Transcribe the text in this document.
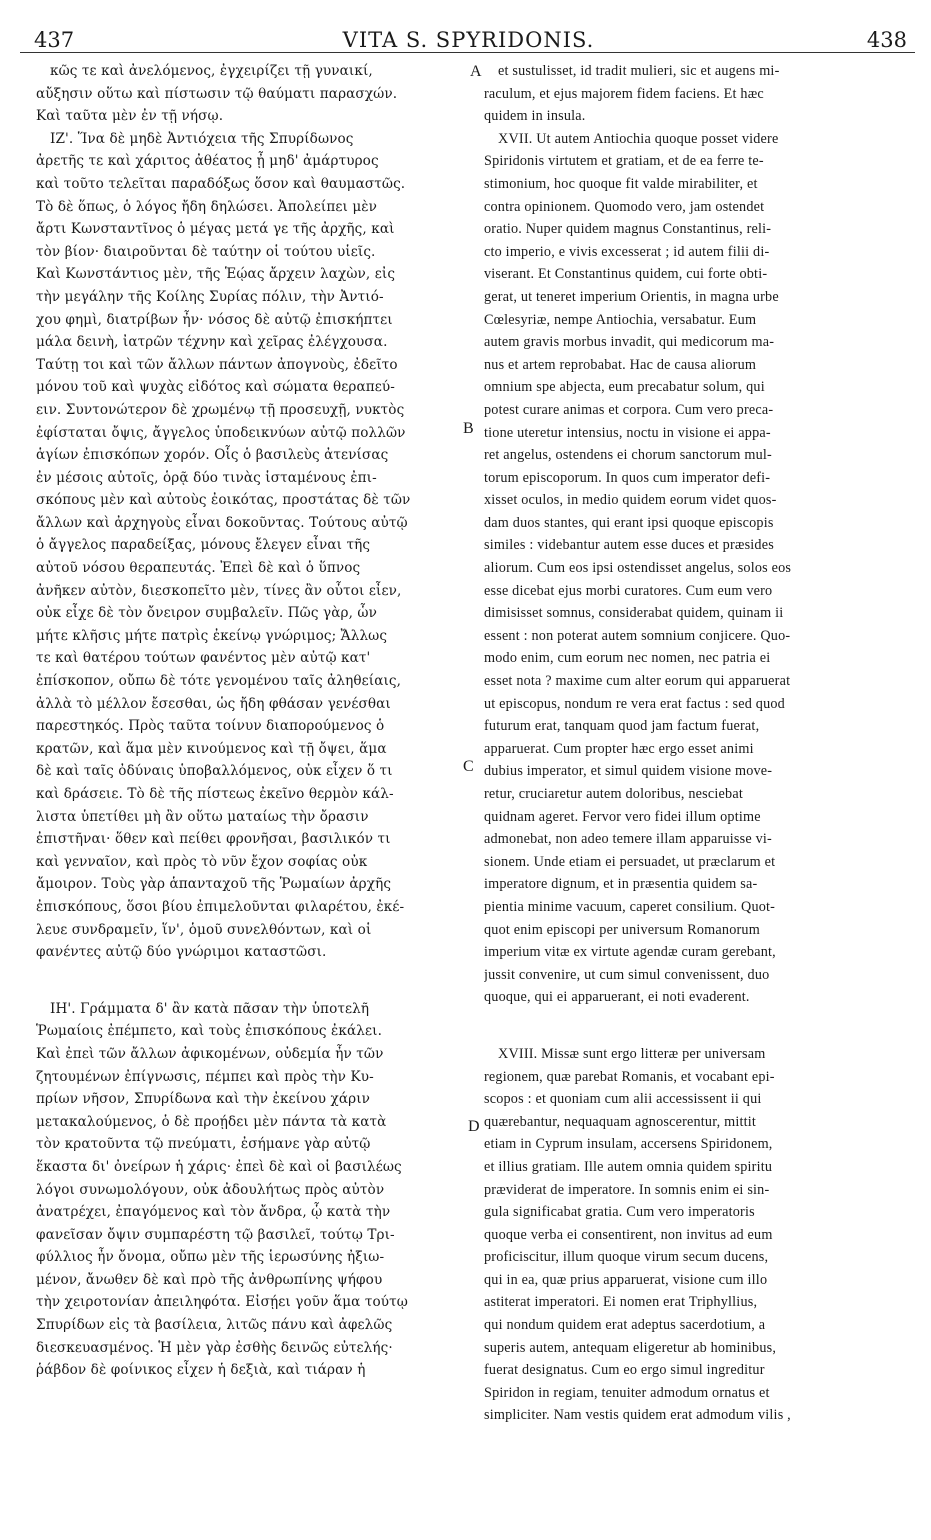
437	VITA S. SPYRIDONIS.	438
A
B
C
D
κῶς τε καὶ ἀνελόμενος, ἐγχειρίζει τῇ γυναικί,
αὔξησιν οὕτω καὶ πίστωσιν τῷ θαύματι παρασχών.
Καὶ ταῦτα μὲν ἐν τῇ νήσῳ.
ΙΖ'. Ἵνα δὲ μηδὲ Ἀντιόχεια τῆς Σπυρίδωνος
ἀρετῆς τε καὶ χάριτος ἀθέατος ᾖ μηδ' ἀμάρτυρος
καὶ τοῦτο τελεῖται παραδόξως ὅσον καὶ θαυμαστῶς.
Τὸ δὲ ὅπως, ὁ λόγος ἤδη δηλώσει. Ἀπολείπει μὲν
ἄρτι Κωνσταντῖνος ὁ μέγας μετά γε τῆς ἀρχῆς, καὶ
τὸν βίον· διαιροῦνται δὲ ταύτην οἱ τούτου υἱεῖς.
Καὶ Κωνστάντιος μὲν, τῆς Ἑῴας ἄρχειν λαχὼν, εἰς
τὴν μεγάλην τῆς Κοίλης Συρίας πόλιν, τὴν Ἀντιό-
χου φημὶ, διατρίβων ἦν· νόσος δὲ αὐτῷ ἐπισκήπτει
μάλα δεινὴ, ἰατρῶν τέχνην καὶ χεῖρας ἐλέγχουσα.
Ταύτῃ τοι καὶ τῶν ἄλλων πάντων ἀπογνοὺς, ἐδεῖτο
μόνου τοῦ καὶ ψυχὰς εἰδότος καὶ σώματα θεραπεύ-
ειν. Συντονώτερον δὲ χρωμένῳ τῇ προσευχῇ, νυκτὸς
ἐφίσταται ὄψις, ἄγγελος ὑποδεικνύων αὐτῷ πολλῶν
ἁγίων ἐπισκόπων χορόν. Οἷς ὁ βασιλεὺς ἀτενίσας
ἐν μέσοις αὐτοῖς, ὁρᾷ δύο τινὰς ἱσταμένους ἐπι-
σκόπους μὲν καὶ αὐτοὺς ἐοικότας, προστάτας δὲ τῶν
ἄλλων καὶ ἀρχηγοὺς εἶναι δοκοῦντας. Τούτους αὐτῷ
ὁ ἄγγελος παραδείξας, μόνους ἔλεγεν εἶναι τῆς
αὐτοῦ νόσου θεραπευτάς. Ἐπεὶ δὲ καὶ ὁ ὕπνος
ἀνῆκεν αὐτὸν, διεσκοπεῖτο μὲν, τίνες ἂν οὗτοι εἶεν,
οὐκ εἶχε δὲ τὸν ὄνειρον συμβαλεῖν. Πῶς γὰρ, ὧν
μήτε κλῆσις μήτε πατρὶς ἐκείνῳ γνώριμος; Ἄλλως
τε καὶ θατέρου τούτων φανέντος μὲν αὐτῷ κατ'
ἐπίσκοπον, οὔπω δὲ τότε γενομένου ταῖς ἀληθείαις,
ἀλλὰ τὸ μέλλον ἔσεσθαι, ὡς ἤδη φθάσαν γενέσθαι
παρεστηκός. Πρὸς ταῦτα τοίνυν διαπορούμενος ὁ
κρατῶν, καὶ ἅμα μὲν κινούμενος καὶ τῇ ὄψει, ἅμα
δὲ καὶ ταῖς ὀδύναις ὑποβαλλόμενος, οὐκ εἶχεν ὅ τι
καὶ δράσειε. Τὸ δὲ τῆς πίστεως ἐκεῖνο θερμὸν κάλ-
λιστα ὑπετίθει μὴ ἂν οὕτω ματαίως τὴν ὄρασιν
ἐπιστῆναι· ὅθεν καὶ πείθει φρονῆσαι, βασιλικόν τι
καὶ γενναῖον, καὶ πρὸς τὸ νῦν ἔχον σοφίας οὐκ
ἄμοιρον. Τοὺς γὰρ ἁπανταχοῦ τῆς Ῥωμαίων ἀρχῆς
ἐπισκόπους, ὅσοι βίου ἐπιμελοῦνται φιλαρέτου, ἐκέ-
λευε συνδραμεῖν, ἵν', ὁμοῦ συνελθόντων, καὶ οἱ
φανέντες αὐτῷ δύο γνώριμοι καταστῶσι.
ΙΗ'. Γράμματα δ' ἂν κατὰ πᾶσαν τὴν ὑποτελῆ
Ῥωμαίοις ἐπέμπετο, καὶ τοὺς ἐπισκόπους ἐκάλει.
Καὶ ἐπεὶ τῶν ἄλλων ἀφικομένων, οὐδεμία ἦν τῶν
ζητουμένων ἐπίγνωσις, πέμπει καὶ πρὸς τὴν Κυ-
πρίων νῆσον, Σπυρίδωνα καὶ τὴν ἐκείνου χάριν
μετακαλούμενος, ὁ δὲ προῄδει μὲν πάντα τὰ κατὰ
τὸν κρατοῦντα τῷ πνεύματι, ἐσήμανε γὰρ αὐτῷ
ἕκαστα δι' ὀνείρων ἡ χάρις· ἐπεὶ δὲ καὶ οἱ βασιλέως
λόγοι συνωμολόγουν, οὐκ ἀδουλήτως πρὸς αὐτὸν
ἀνατρέχει, ἐπαγόμενος καὶ τὸν ἄνδρα, ᾧ κατὰ τὴν
φανεῖσαν ὄψιν συμπαρέστη τῷ βασιλεῖ, τούτῳ Τρι-
φύλλιος ἦν ὄνομα, οὔπω μὲν τῆς ἱερωσύνης ἠξιω-
μένον, ἄνωθεν δὲ καὶ πρὸ τῆς ἀνθρωπίνης ψήφου
τὴν χειροτονίαν ἀπειληφότα. Εἰσῄει γοῦν ἅμα τούτῳ
Σπυρίδων εἰς τὰ βασίλεια, λιτῶς πάνυ καὶ ἀφελῶς
διεσκευασμένος. Ἡ μὲν γὰρ ἐσθὴς δεινῶς εὐτελής·
ῥάβδον δὲ φοίνικος εἶχεν ἡ δεξιὰ, καὶ τιάραν ἡ
et sustulisset, id tradit mulieri, sic et augens mi-
raculum, et ejus majorem fidem faciens. Et hæc
quidem in insula.
XVII. Ut autem Antiochia quoque posset videre
Spiridonis virtutem et gratiam, et de ea ferre te-
stimonium, hoc quoque fit valde mirabiliter, et
contra opinionem. Quomodo vero, jam ostendet
oratio. Nuper quidem magnus Constantinus, reli-
cto imperio, e vivis excesserat ; id autem filii di-
viserant. Et Constantinus quidem, cui forte obti-
gerat, ut teneret imperium Orientis, in magna urbe
Cœlesyriæ, nempe Antiochia, versabatur. Eum
autem gravis morbus invadit, qui medicorum ma-
nus et artem reprobabat. Hac de causa aliorum
omnium spe abjecta, eum precabatur solum, qui
potest curare animas et corpora. Cum vero preca-
tione uteretur intensius, noctu in visione ei appa-
ret angelus, ostendens ei chorum sanctorum mul-
torum episcoporum. In quos cum imperator defi-
xisset oculos, in medio quidem eorum videt quos-
dam duos stantes, qui erant ipsi quoque episcopis
similes : videbantur autem esse duces et præsides
aliorum. Cum eos ipsi ostendisset angelus, solos eos
esse dicebat ejus morbi curatores. Cum eum vero
dimisisset somnus, considerabat quidem, quinam ii
essent : non poterat autem somnium conjicere. Quo-
modo enim, cum eorum nec nomen, nec patria ei
esset nota ? maxime cum alter eorum qui apparuerat
ut episcopus, nondum re vera erat factus : sed quod
futurum erat, tanquam quod jam factum fuerat,
apparuerat. Cum propter hæc ergo esset animi
dubius imperator, et simul quidem visione move-
retur, cruciaretur autem doloribus, nesciebat
quidnam ageret. Fervor vero fidei illum optime
admonebat, non adeo temere illam apparuisse vi-
sionem. Unde etiam ei persuadet, ut præclarum et
imperatore dignum, et in præsentia quidem sa-
pientia minime vacuum, caperet consilium. Quot-
quot enim episcopi per universum Romanorum
imperium vitæ ex virtute agendæ curam gerebant,
jussit convenire, ut cum simul convenissent, duo
quoque, qui ei apparuerant, ei noti evaderent.
XVIII. Missæ sunt ergo litteræ per universam
regionem, quæ parebat Romanis, et vocabant epi-
scopos : et quoniam cum alii accessissent ii qui
quærebantur, nequaquam agnoscerentur, mittit
etiam in Cyprum insulam, accersens Spiridonem,
et illius gratiam. Ille autem omnia quidem spiritu
præviderat de imperatore. In somnis enim ei sin-
gula significabat gratia. Cum vero imperatoris
quoque verba ei consentirent, non invitus ad eum
proficiscitur, illum quoque virum secum ducens,
qui in ea, quæ prius apparuerat, visione cum illo
astiterat imperatori. Ei nomen erat Triphyllius,
qui nondum quidem erat adeptus sacerdotium, a
superis autem, antequam eligeretur ab hominibus,
fuerat designatus. Cum eo ergo simul ingreditur
Spiridon in regiam, tenuiter admodum ornatus et
simpliciter. Nam vestis quidem erat admodum vilis ,
